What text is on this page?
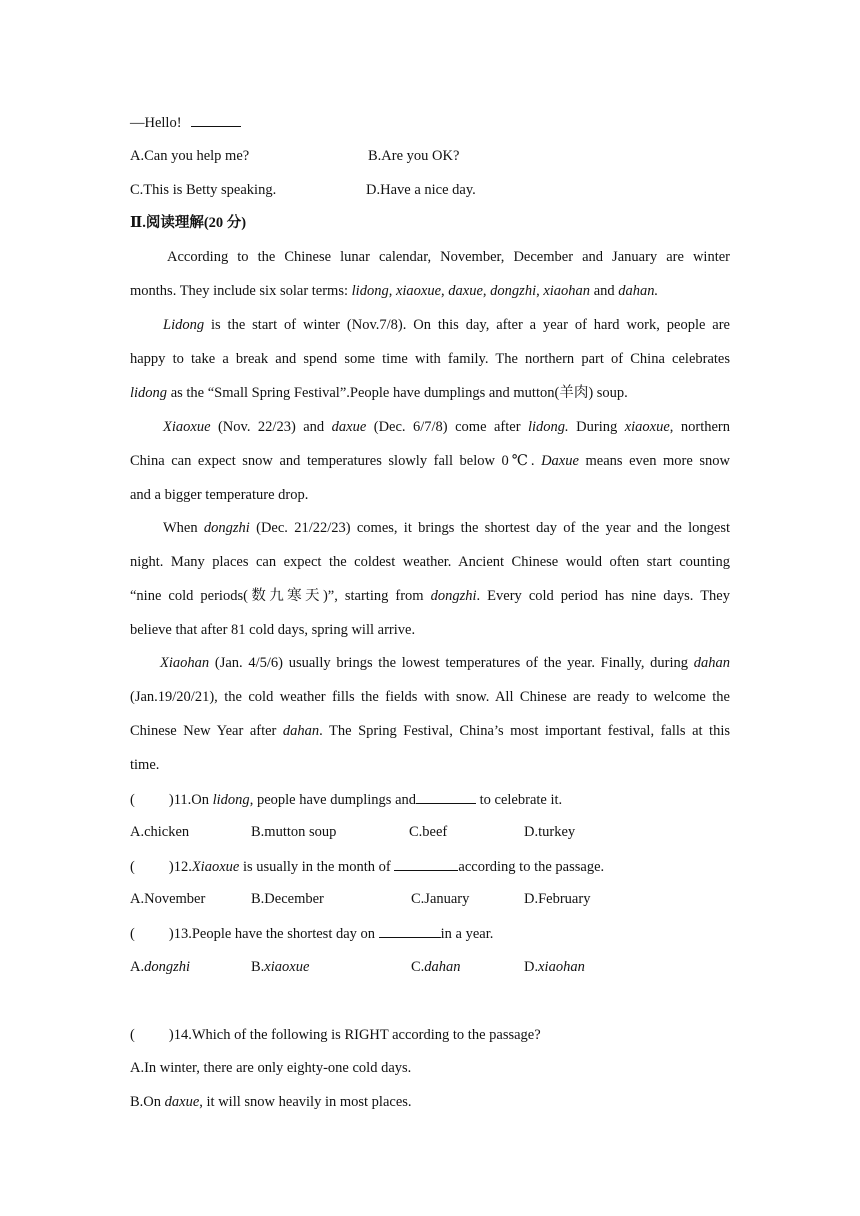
—Hello!
A.Can you help me?	B.Are you OK?
C.This is Betty speaking.	D.Have a nice day.
Ⅱ.阅读理解(20 分)
According to the Chinese lunar calendar, November, December and January are winter
months. They include six solar terms: lidong, xiaoxue, daxue, dongzhi, xiaohan and dahan.
Lidong is the start of winter (Nov.7/8). On this day, after a year of hard work, people are
happy to take a break and spend some time with family. The northern part of China celebrates
lidong as the “Small Spring Festival”.People have dumplings and mutton(羊肉) soup.
Xiaoxue (Nov. 22/23) and daxue (Dec. 6/7/8) come after lidong. During xiaoxue, northern
China can expect snow and temperatures slowly fall below 0℃. Daxue means even more snow
and a bigger temperature drop.
When dongzhi (Dec. 21/22/23) comes, it brings the shortest day of the year and the longest
night. Many places can expect the coldest weather. Ancient Chinese would often start counting
“nine cold periods(数九寒天)”, starting from dongzhi. Every cold period has nine days. They
believe that after 81 cold days, spring will arrive.
Xiaohan (Jan. 4/5/6) usually brings the lowest temperatures of the year. Finally, during dahan
(Jan.19/20/21), the cold weather fills the fields with snow. All Chinese are ready to welcome the
Chinese New Year after dahan. The Spring Festival, China’s most important festival, falls at this
time.
( )11.On lidong, people have dumplings and	to celebrate it.
A.chicken	B.mutton soup	C.beef	D.turkey
( )12.Xiaoxue is usually in the month of	according to the passage.
A.November	B.December	C.January	D.February
( )13.People have the shortest day on	in a year.
A.dongzhi	B.xiaoxue	C.dahan	D.xiaohan
( )14.Which of the following is RIGHT according to the passage?
A.In winter, there are only eighty-one cold days.
B.On daxue, it will snow heavily in most places.
